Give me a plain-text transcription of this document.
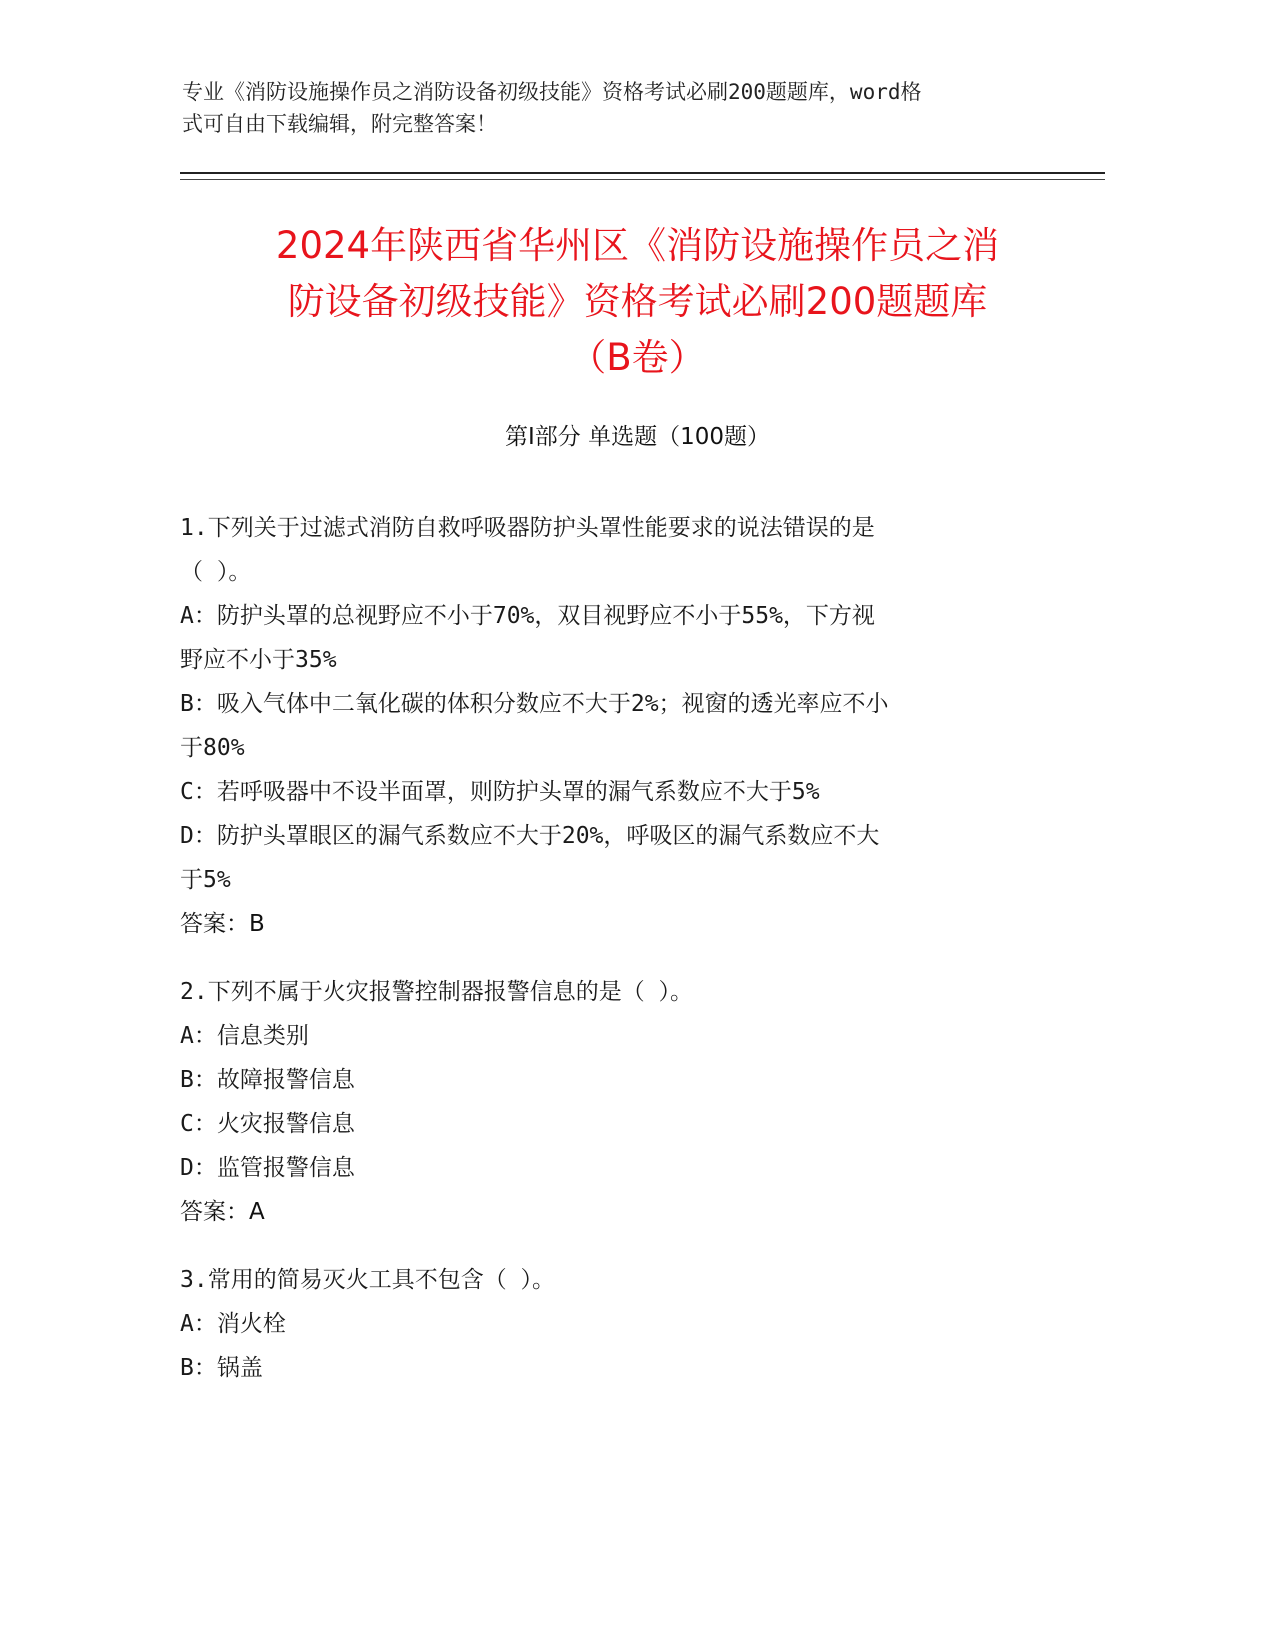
专业《消防设施操作员之消防设备初级技能》资格考试必刷200题题库，word格
式可自由下载编辑，附完整答案！
2024年陕西省华州区《消防设施操作员之消
防设备初级技能》资格考试必刷200题题库
（B卷）
第Ⅰ部分 单选题（100题）
1.下列关于过滤式消防自救呼吸器防护头罩性能要求的说法错误的是
（ ）。
A：防护头罩的总视野应不小于70%，双目视野应不小于55%，下方视
野应不小于35%
B：吸入气体中二氧化碳的体积分数应不大于2%；视窗的透光率应不小
于80%
C：若呼吸器中不设半面罩，则防护头罩的漏气系数应不大于5%
D：防护头罩眼区的漏气系数应不大于20%，呼吸区的漏气系数应不大
于5%
答案：B
2.下列不属于火灾报警控制器报警信息的是（ ）。
A：信息类别
B：故障报警信息
C：火灾报警信息
D：监管报警信息
答案：A
3.常用的简易灭火工具不包含（ ）。
A：消火栓
B：锅盖
